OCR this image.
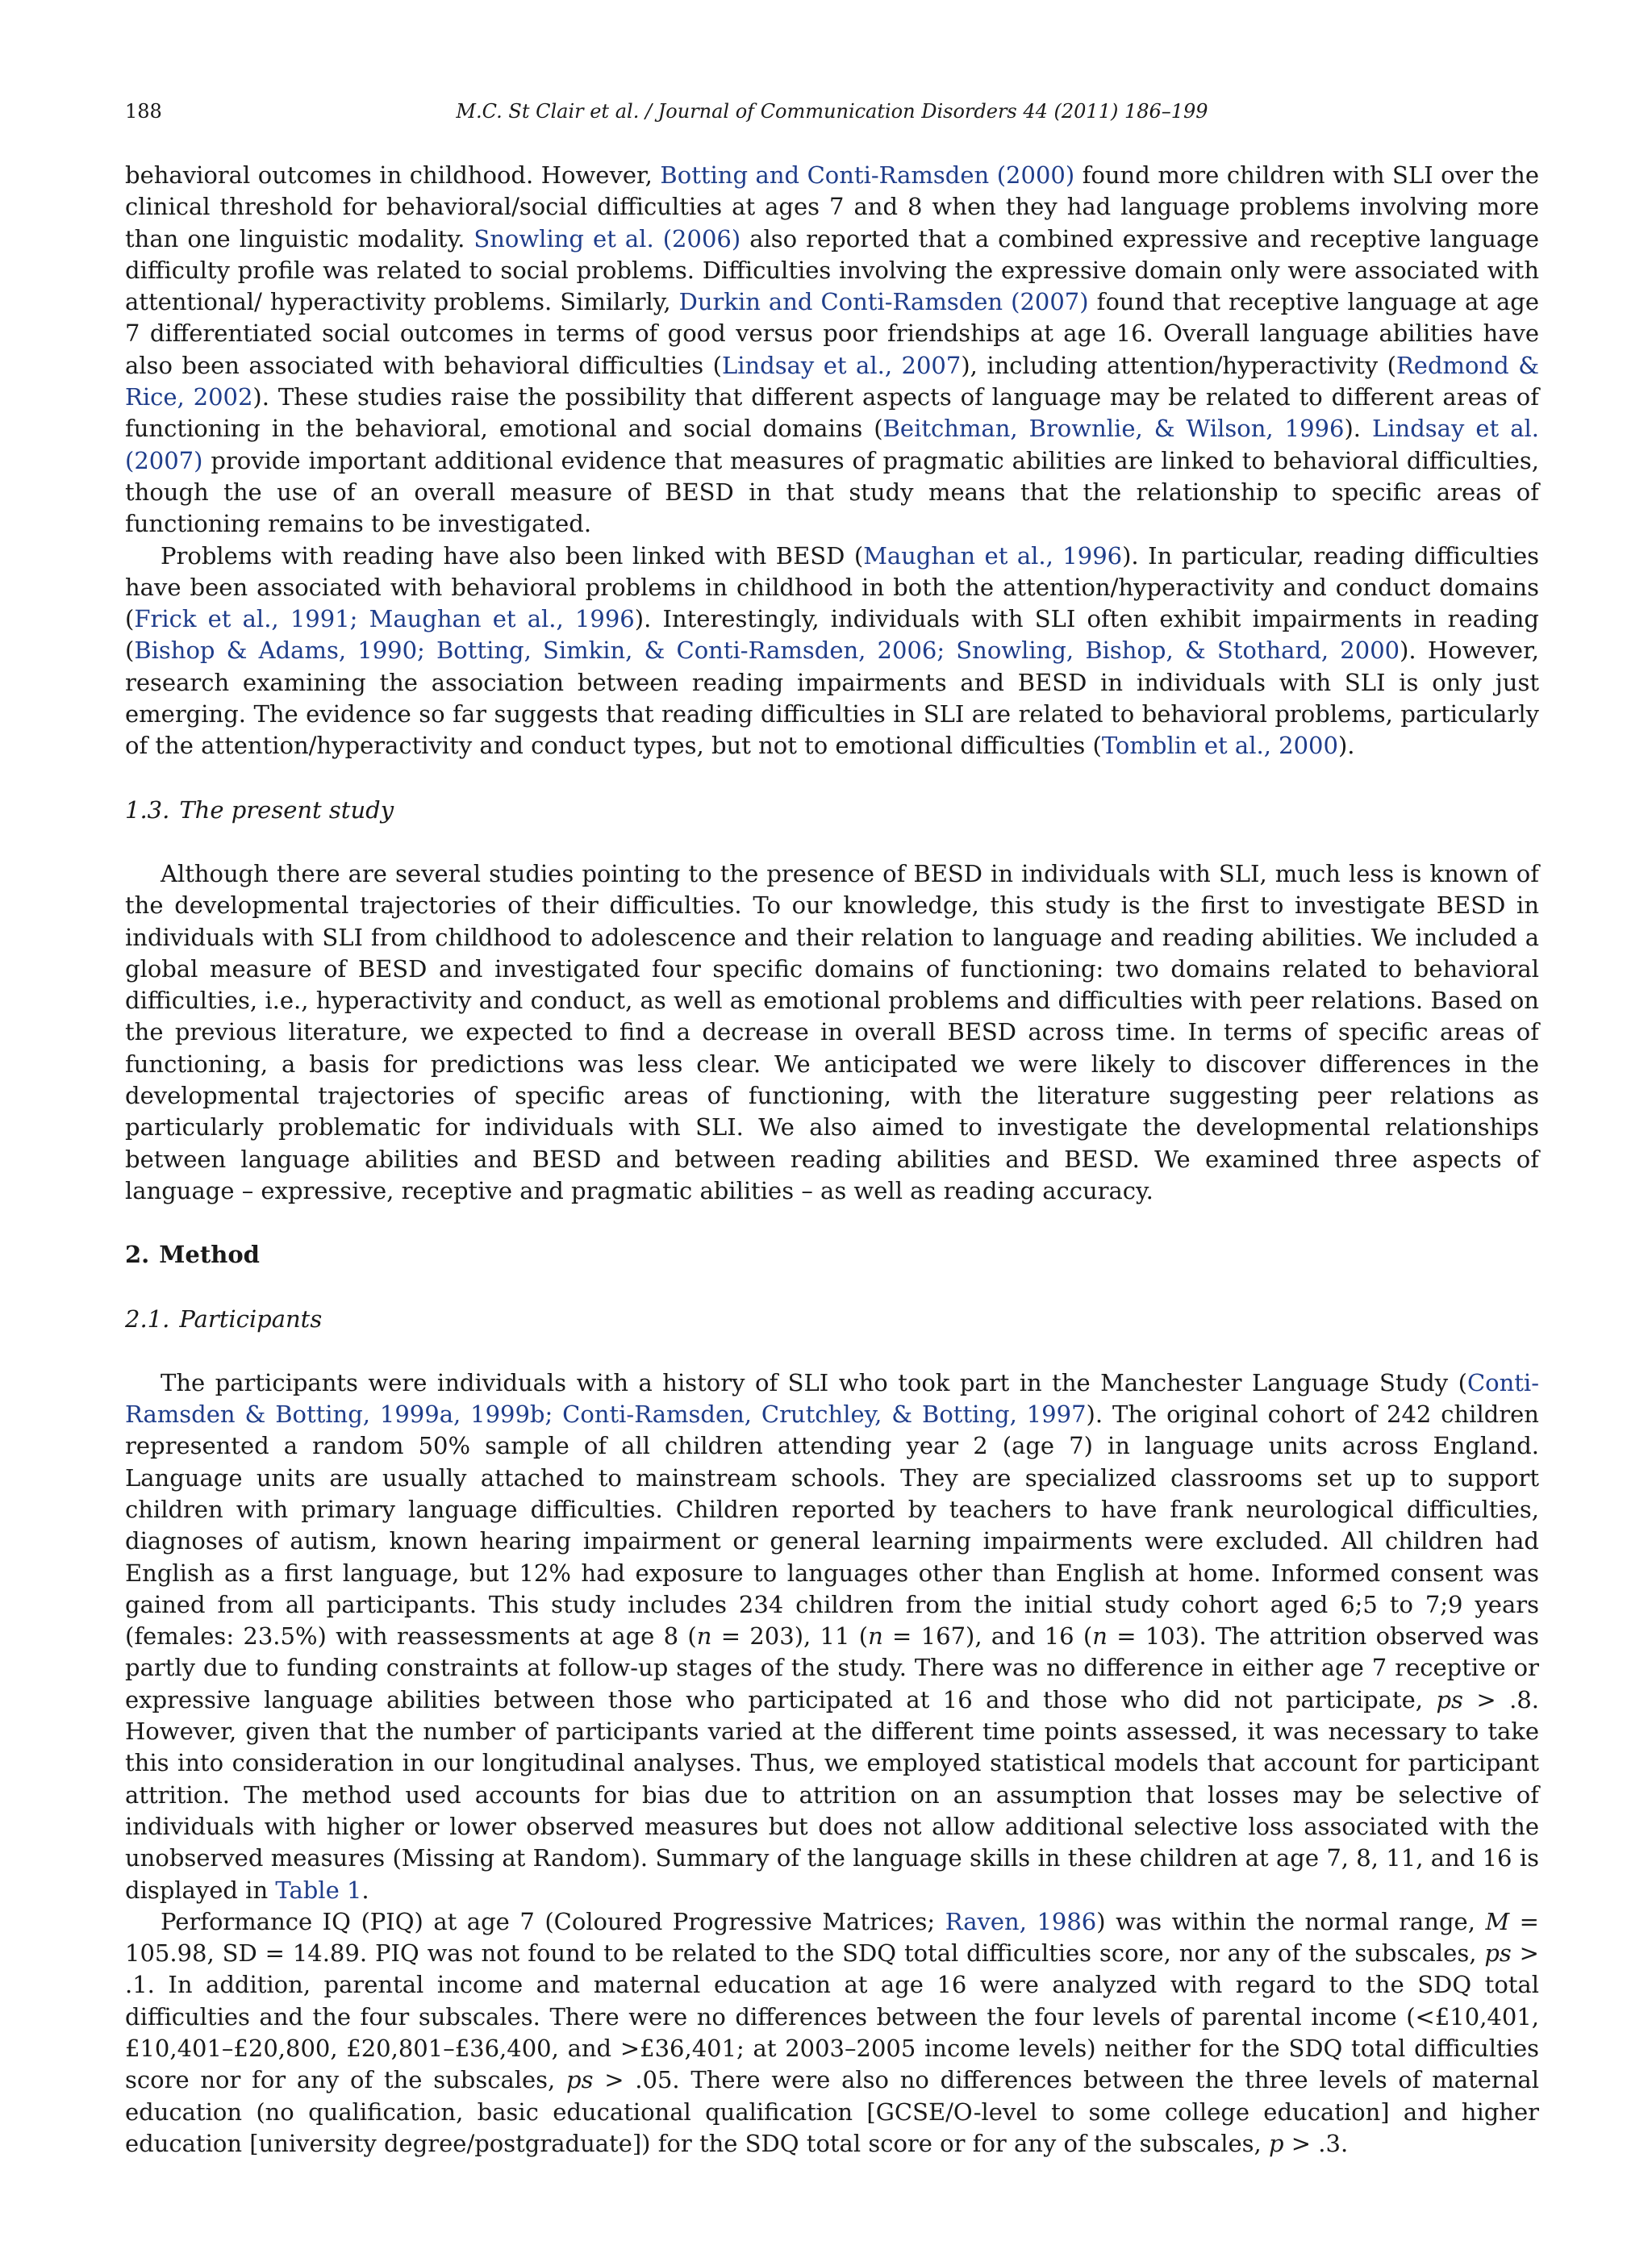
188	M.C. St Clair et al. / Journal of Communication Disorders 44 (2011) 186–199

behavioral outcomes in childhood. However, Botting and Conti-Ramsden (2000) found more children with SLI over the clinical threshold for behavioral/social difficulties at ages 7 and 8 when they had language problems involving more than one linguistic modality. Snowling et al. (2006) also reported that a combined expressive and receptive language difficulty profile was related to social problems. Difficulties involving the expressive domain only were associated with attentional/ hyperactivity problems. Similarly, Durkin and Conti-Ramsden (2007) found that receptive language at age 7 differentiated social outcomes in terms of good versus poor friendships at age 16. Overall language abilities have also been associated with behavioral difficulties (Lindsay et al., 2007), including attention/hyperactivity (Redmond & Rice, 2002). These studies raise the possibility that different aspects of language may be related to different areas of functioning in the behavioral, emotional and social domains (Beitchman, Brownlie, & Wilson, 1996). Lindsay et al. (2007) provide important additional evidence that measures of pragmatic abilities are linked to behavioral difficulties, though the use of an overall measure of BESD in that study means that the relationship to specific areas of functioning remains to be investigated.

Problems with reading have also been linked with BESD (Maughan et al., 1996). In particular, reading difficulties have been associated with behavioral problems in childhood in both the attention/hyperactivity and conduct domains (Frick et al., 1991; Maughan et al., 1996). Interestingly, individuals with SLI often exhibit impairments in reading (Bishop & Adams, 1990; Botting, Simkin, & Conti-Ramsden, 2006; Snowling, Bishop, & Stothard, 2000). However, research examining the association between reading impairments and BESD in individuals with SLI is only just emerging. The evidence so far suggests that reading difficulties in SLI are related to behavioral problems, particularly of the attention/hyperactivity and conduct types, but not to emotional difficulties (Tomblin et al., 2000).

1.3. The present study

Although there are several studies pointing to the presence of BESD in individuals with SLI, much less is known of the developmental trajectories of their difficulties. To our knowledge, this study is the first to investigate BESD in individuals with SLI from childhood to adolescence and their relation to language and reading abilities. We included a global measure of BESD and investigated four specific domains of functioning: two domains related to behavioral difficulties, i.e., hyperactivity and conduct, as well as emotional problems and difficulties with peer relations. Based on the previous literature, we expected to find a decrease in overall BESD across time. In terms of specific areas of functioning, a basis for predictions was less clear. We anticipated we were likely to discover differences in the developmental trajectories of specific areas of functioning, with the literature suggesting peer relations as particularly problematic for individuals with SLI. We also aimed to investigate the developmental relationships between language abilities and BESD and between reading abilities and BESD. We examined three aspects of language – expressive, receptive and pragmatic abilities – as well as reading accuracy.

2. Method
2.1. Participants

The participants were individuals with a history of SLI who took part in the Manchester Language Study (Conti-Ramsden & Botting, 1999a, 1999b; Conti-Ramsden, Crutchley, & Botting, 1997). The original cohort of 242 children represented a random 50% sample of all children attending year 2 (age 7) in language units across England. Language units are usually attached to mainstream schools. They are specialized classrooms set up to support children with primary language difficulties. Children reported by teachers to have frank neurological difficulties, diagnoses of autism, known hearing impairment or general learning impairments were excluded. All children had English as a first language, but 12% had exposure to languages other than English at home. Informed consent was gained from all participants. This study includes 234 children from the initial study cohort aged 6;5 to 7;9 years (females: 23.5%) with reassessments at age 8 (n = 203), 11 (n = 167), and 16 (n = 103). The attrition observed was partly due to funding constraints at follow-up stages of the study. There was no difference in either age 7 receptive or expressive language abilities between those who participated at 16 and those who did not participate, ps > .8. However, given that the number of participants varied at the different time points assessed, it was necessary to take this into consideration in our longitudinal analyses. Thus, we employed statistical models that account for participant attrition. The method used accounts for bias due to attrition on an assumption that losses may be selective of individuals with higher or lower observed measures but does not allow additional selective loss associated with the unobserved measures (Missing at Random). Summary of the language skills in these children at age 7, 8, 11, and 16 is displayed in Table 1.

Performance IQ (PIQ) at age 7 (Coloured Progressive Matrices; Raven, 1986) was within the normal range, M = 105.98, SD = 14.89. PIQ was not found to be related to the SDQ total difficulties score, nor any of the subscales, ps > .1. In addition, parental income and maternal education at age 16 were analyzed with regard to the SDQ total difficulties and the four subscales. There were no differences between the four levels of parental income (<£10,401, £10,401–£20,800, £20,801–£36,400, and >£36,401; at 2003–2005 income levels) neither for the SDQ total difficulties score nor for any of the subscales, ps > .05. There were also no differences between the three levels of maternal education (no qualification, basic educational qualification [GCSE/O-level to some college education] and higher education [university degree/postgraduate]) for the SDQ total score or for any of the subscales, p > .3.
